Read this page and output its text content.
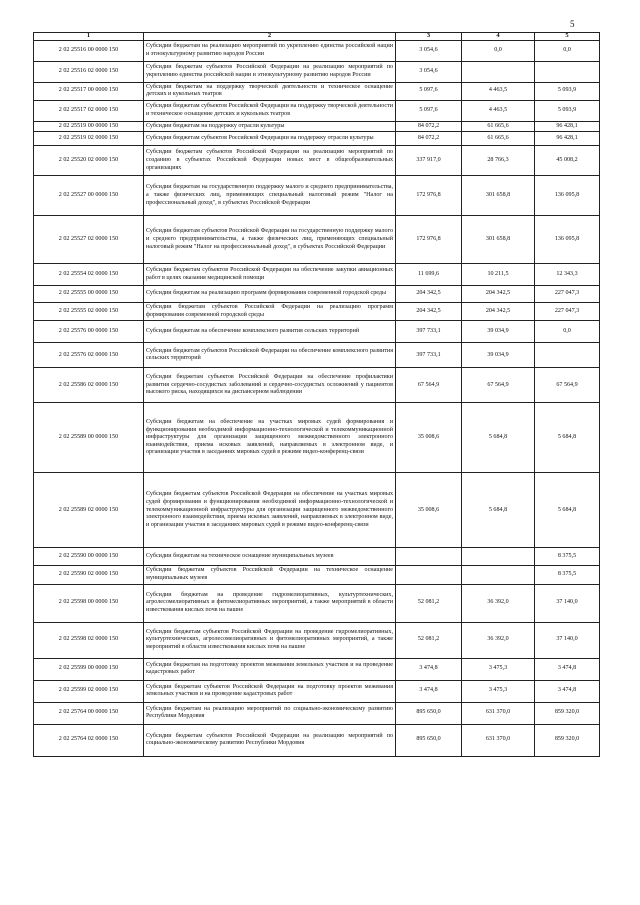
5
1	2	3	4	5
2 02 25516 00 0000 150	Субсидии бюджетам на реализацию мероприятий по укреплению единства российской нации и этнокультурному развитию народов России	3 054,6	0,0	0,0
2 02 25516 02 0000 150	Субсидии бюджетам субъектов Российской Федерации на реализацию мероприятий по укреплению единства российской нации и этнокультурному развитию народов России	3 054,6		
2 02 25517 00 0000 150	Субсидии бюджетам на поддержку творческой деятельности и техническое оснащение детских и кукольных театров	5 097,6	4 463,5	5 093,9
2 02 25517 02 0000 150	Субсидии бюджетам субъектов Российской Федерации на поддержку творческой деятельности и техническое оснащение детских и кукольных театров	5 097,6	4 463,5	5 093,9
2 02 25519 00 0000 150	Субсидии бюджетам на поддержку отрасли культуры	84 072,2	61 665,6	96 428,1
2 02 25519 02 0000 150	Субсидии бюджетам субъектов Российской Федерации на поддержку отрасли культуры	84 072,2	61 665,6	96 428,1
2 02 25520 02 0000 150	Субсидии бюджетам субъектов Российской Федерации на реализацию мероприятий по созданию в субъектах Российской Федерации новых мест в общеобразовательных организациях	337 917,0	28 766,3	45 008,2
2 02 25527 00 0000 150	Субсидии бюджетам на государственную поддержку малого и среднего предпринимательства, а также физических лиц, применяющих специальный налоговый режим "Налог на профессиональный доход", в субъектах Российской Федерации	172 976,8	301 658,8	136 095,8
2 02 25527 02 0000 150	Субсидии бюджетам субъектов Российской Федерации на государственную поддержку малого и среднего предпринимательства, а также физических лиц, применяющих специальный налоговый режим "Налог на профессиональный доход", в субъектах Российской Федерации	172 976,8	301 658,8	136 095,8
2 02 25554 02 0000 150	Субсидии бюджетам субъектов Российской Федерации на обеспечение закупки авиационных работ в целях оказания медицинской помощи	11 699,6	10 211,5	12 343,3
2 02 25555 00 0000 150	Субсидии бюджетам на реализацию программ формирования современной городской среды	204 342,5	204 342,5	227 047,3
2 02 25555 02 0000 150	Субсидии бюджетам субъектов Российской Федерации на реализацию программ формирования современной городской среды	204 342,5	204 342,5	227 047,3
2 02 25576 00 0000 150	Субсидии бюджетам на обеспечение комплексного развития сельских территорий	397 733,1	39 034,9	0,0
2 02 25576 02 0000 150	Субсидии бюджетам субъектов Российской Федерации на обеспечение комплексного развития сельских территорий	397 733,1	39 034,9	
2 02 25586 02 0000 150	Субсидии бюджетам субъектов Российской Федерации на обеспечение профилактики развития сердечно-сосудистых заболеваний и сердечно-сосудистых осложнений у пациентов высокого риска, находящихся на диспансерном наблюдении	67 564,9	67 564,9	67 564,9
2 02 25589 00 0000 150	Субсидии бюджетам на обеспечение на участках мировых судей формирования и функционирования необходимой информационно-технологической и телекоммуникационной инфраструктуры для организации защищенного межведомственного электронного взаимодействия, приема исковых заявлений, направляемых в электронном виде, и организации участия в заседаниях мировых судей в режиме видео-конференц-связи	35 008,6	5 684,8	5 684,8
2 02 25589 02 0000 150	Субсидии бюджетам субъектов Российской Федерации на обеспечение на участках мировых судей формирования и функционирования необходимой информационно-технологической и телекоммуникационной инфраструктуры для организации защищенного межведомственного электронного взаимодействия, приема исковых заявлений, направляемых в электронном виде, и организации участия в заседаниях мировых судей в режиме видео-конференц-связи	35 008,6	5 684,8	5 684,8
2 02 25590 00 0000 150	Субсидии бюджетам на техническое оснащение муниципальных музеев			8 375,5
2 02 25590 02 0000 150	Субсидии бюджетам субъектов Российской Федерации на техническое оснащение муниципальных музеев			8 375,5
2 02 25598 00 0000 150	Субсидии бюджетам на проведение гидромелиоративных, культуртехнических, агролесомелиоративных и фитомелиоративных мероприятий, а также мероприятий в области известкования кислых почв на пашне	52 081,2	36 392,0	37 140,0
2 02 25598 02 0000 150	Субсидии бюджетам субъектов Российской Федерации на проведение гидромелиоративных, культуртехнических, агролесомелиоративных и фитомелиоративных мероприятий, а также мероприятий в области известкования кислых почв на пашне	52 081,2	36 392,0	37 140,0
2 02 25599 00 0000 150	Субсидии бюджетам на подготовку проектов межевания земельных участков и на проведение кадастровых работ	3 474,8	3 475,3	3 474,8
2 02 25599 02 0000 150	Субсидии бюджетам субъектов Российской Федерации на подготовку проектов межевания земельных участков и на проведение кадастровых работ	3 474,8	3 475,3	3 474,8
2 02 25764 00 0000 150	Субсидии бюджетам на реализацию мероприятий по социально-экономическому развитию Республики Мордовия	895 650,0	631 370,0	859 320,0
2 02 25764 02 0000 150	Субсидии бюджетам субъектов Российской Федерации на реализацию мероприятий по социально-экономическому развитию Республики Мордовия	895 650,0	631 370,0	859 320,0
